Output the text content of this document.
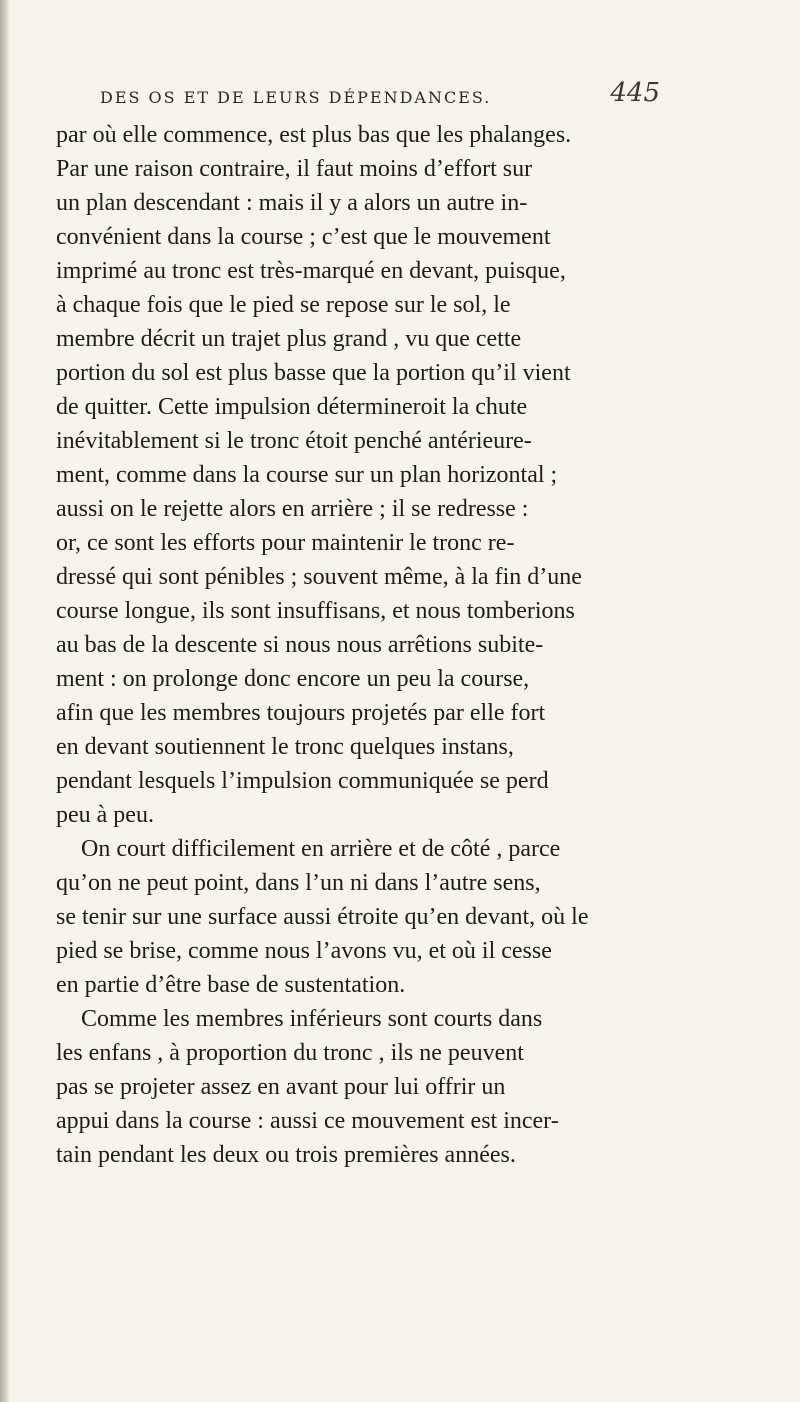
DES OS ET DE LEURS DÉPENDANCES.	445

par où elle commence, est plus bas que les phalanges.
Par une raison contraire, il faut moins d’effort sur
un plan descendant : mais il y a alors un autre in-
convénient dans la course ; c’est que le mouvement
imprimé au tronc est très-marqué en devant, puisque,
à chaque fois que le pied se repose sur le sol, le
membre décrit un trajet plus grand , vu que cette
portion du sol est plus basse que la portion qu’il vient
de quitter. Cette impulsion détermineroit la chute
inévitablement si le tronc étoit penché antérieure-
ment, comme dans la course sur un plan horizontal ;
aussi on le rejette alors en arrière ; il se redresse :
or, ce sont les efforts pour maintenir le tronc re-
dressé qui sont pénibles ; souvent même, à la fin d’une
course longue, ils sont insuffisans, et nous tomberions
au bas de la descente si nous nous arrêtions subite-
ment : on prolonge donc encore un peu la course,
afin que les membres toujours projetés par elle fort
en devant soutiennent le tronc quelques instans,
pendant lesquels l’impulsion communiquée se perd
peu à peu.

On court difficilement en arrière et de côté , parce
qu’on ne peut point, dans l’un ni dans l’autre sens,
se tenir sur une surface aussi étroite qu’en devant, où le
pied se brise, comme nous l’avons vu, et où il cesse
en partie d’être base de sustentation.

Comme les membres inférieurs sont courts dans
les enfans , à proportion du tronc , ils ne peuvent
pas se projeter assez en avant pour lui offrir un
appui dans la course : aussi ce mouvement est incer-
tain pendant les deux ou trois premières années.
